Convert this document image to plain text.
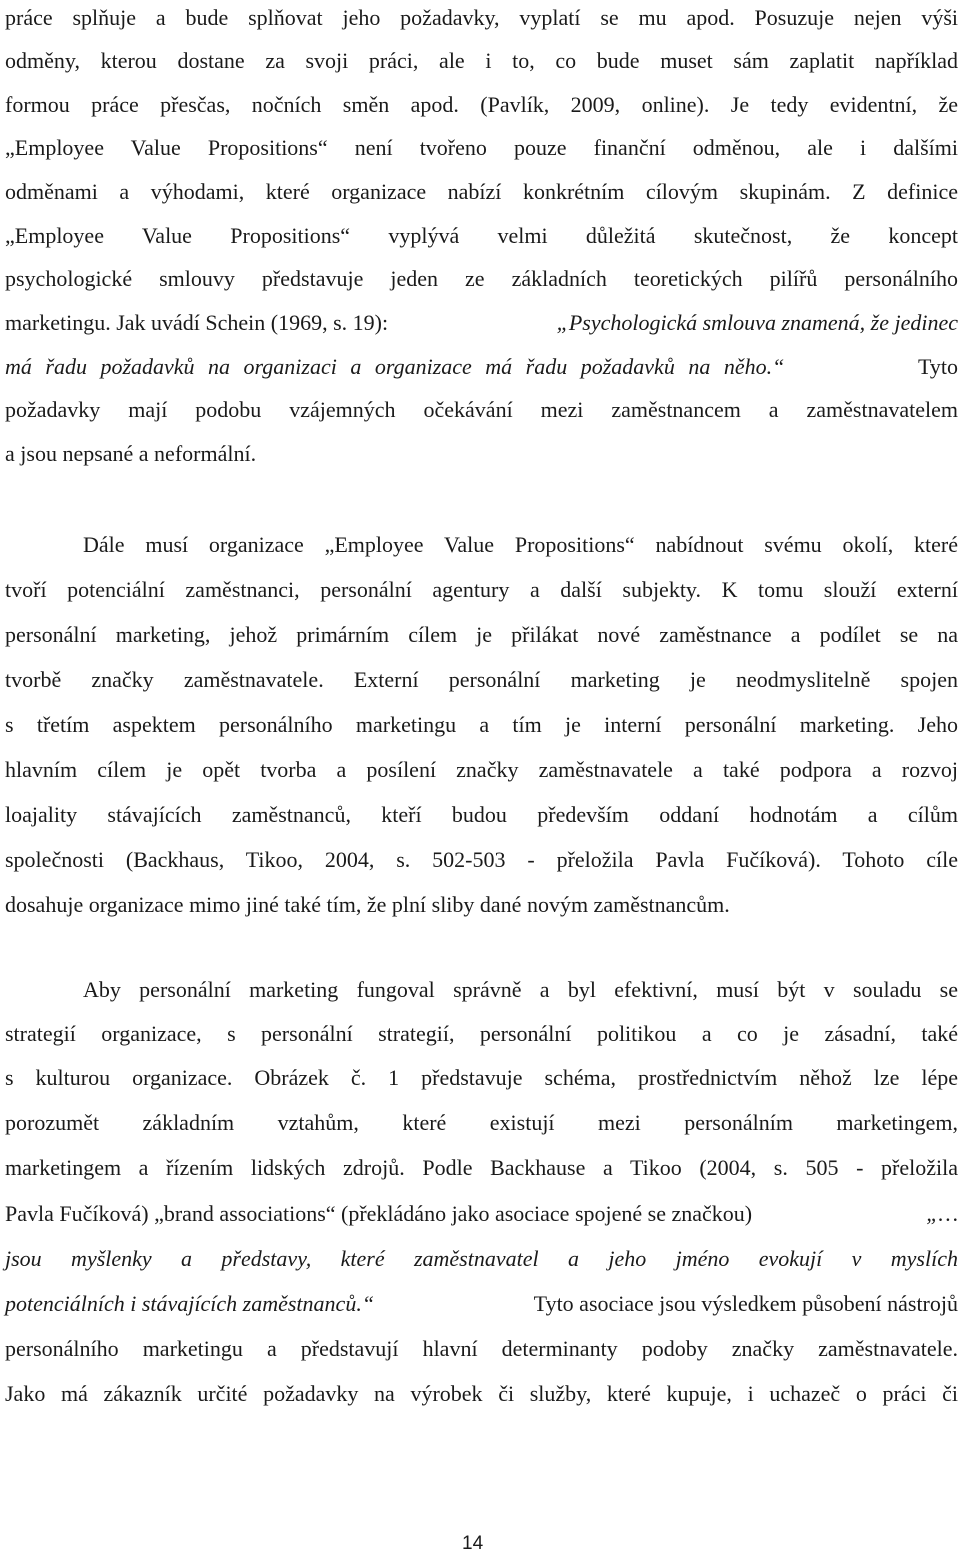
práce splňuje a bude splňovat jeho požadavky, vyplatí se mu apod. Posuzuje nejen výši
odměny, kterou dostane za svoji práci, ale i to, co bude muset sám zaplatit například
formou práce přesčas, nočních směn apod. (Pavlík, 2009, online). Je tedy evidentní, že
„Employee Value Propositions“ není tvořeno pouze finanční odměnou, ale i dalšími
odměnami a výhodami, které organizace nabízí konkrétním cílovým skupinám. Z definice
„Employee Value Propositions“ vyplývá velmi důležitá skutečnost, že koncept
psychologické smlouvy představuje jeden ze základních teoretických pilířů personálního
marketingu. Jak uvádí Schein (1969, s. 19):	„Psychologická smlouva znamená, že jedinec
má řadu požadavků na organizaci a organizace má řadu požadavků na něho.“	Tyto
požadavky mají podobu vzájemných očekávání mezi zaměstnancem a zaměstnavatelem
a jsou nepsané a neformální.
Dále musí organizace „Employee Value Propositions“ nabídnout svému okolí, které
tvoří potenciální zaměstnanci, personální agentury a další subjekty. K tomu slouží externí
personální marketing, jehož primárním cílem je přilákat nové zaměstnance a podílet se na
tvorbě značky zaměstnavatele. Externí personální marketing je neodmyslitelně spojen
s třetím aspektem personálního marketingu a tím je interní personální marketing. Jeho
hlavním cílem je opět tvorba a posílení značky zaměstnavatele a také podpora a rozvoj
loajality stávajících zaměstnanců, kteří budou především oddaní hodnotám a cílům
společnosti (Backhaus, Tikoo, 2004, s. 502-503 - přeložila Pavla Fučíková). Tohoto cíle
dosahuje organizace mimo jiné také tím, že plní sliby dané novým zaměstnancům.
Aby personální marketing fungoval správně a byl efektivní, musí být v souladu se
strategií organizace, s personální strategií, personální politikou a co je zásadní, také
s kulturou organizace. Obrázek č. 1 představuje schéma, prostřednictvím něhož lze lépe
porozumět základním vztahům, které existují mezi personálním marketingem,
marketingem a řízením lidských zdrojů. Podle Backhause a Tikoo (2004, s. 505 - přeložila
Pavla Fučíková) „brand associations“ (překládáno jako asociace spojené se značkou)	„…
jsou myšlenky a představy, které zaměstnavatel a jeho jméno evokují v myslích
potenciálních i stávajících zaměstnanců.“	Tyto asociace jsou výsledkem působení nástrojů
personálního marketingu a představují hlavní determinanty podoby značky zaměstnavatele.
Jako má zákazník určité požadavky na výrobek či služby, které kupuje, i uchazeč o práci či
14
